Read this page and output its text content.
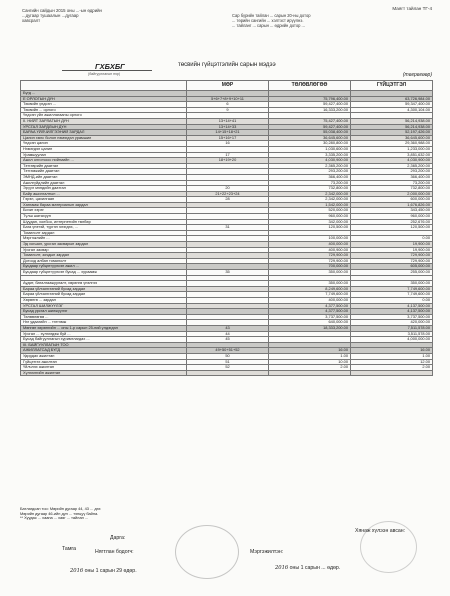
Сангийн сайдын 2015 оны ...-ын өдрийн
...дугаар тушаалын ...дугаар
хавсралт
Маягт тайлан ТГ-4
Сар бүрийн тайлан ... сарын 20-ны дотор
... төрийн сангийн ... хэлтэст ирүүлнэ.
... тайланг ... сарын ... өдрийн дотор ...
ГХБХБГ
(байгууллагын нэр)
төсвийн гүйцэтгэлийн сарын мэдээ
(төгрөгөөр)
	МӨР	ТӨЛӨВЛӨГӨӨ	ГҮЙЦЭТГЭЛ
Бүгд ...			
Е ОРЛОГЫН ДҮН	5+6+7+8+9+10+11	75,796,400.00	63,726,984.00
Төсвийн үндсэн ...	6	59,427,400.00	59,347,400.00
Төсвийн ... орлого	9	16,333,200.00	4,300,104.00
Үндсэн үйл ажиллагааны орлого			
II. НИЙТ ЗАРЛАГЫН ДҮН	13+14+41	75,427,400.00	56,214,938.00
УРСГАЛ ЗАРДЛЫН ДҮН	13+14+33	59,427,400.00	56,214,938.00
БАРАА ҮЙЛЧИЛГЭЭНИЙ ЗАРДАЛ	14+15+18+21	55,038,400.00	52,197,426.00
Цалин хөлс болон нэмэгдэл урамшил	15+16+17	36,645,600.00	36,645,600.00
Үндсэн цалин	16	30,280,800.00	29,360,988.00
Нэмэгдэл цалин		1,030,600.00	1,233,000.00
Урамшуулал	17	3,335,200.00	3,851,632.00
Ажил олгогчоос нийгмийн ...	18+19+20	4,030,900.00	4,030,900.00
Тэтгэврийн даатгал		2,365,200.00	2,365,200.00
Тэтгэмжийн даатгал		293,200.00	293,200.00
ЭМНД-ийн даатгал		366,400.00	366,400.00
Ажилгүйдлийн даатгал		73,200.00	73,200.00
Эрүүл мэндийн даатгал	20	732,800.00	732,800.00
Байр ашиглалтын ...	21+22+23+24	2,342,000.00	2,000,000.00
Гэрэл, цахилгаан	28	2,342,000.00	600,000.00
Хангамж бараа материалын зардал		1,542,000.00	1,676,826.00
Бичиг хэрэг		520,000.00	343,450.00
Түлш шатахуун		960,000.00	960,000.00
Шуудан, холбоо, интернетийн төлбөр		342,000.00	252,676.00
Бага үнэтэй, түргэн элэгдэх, ...	31	120,500.00	120,500.00
Томилолт зардал			
Мэргэжлийн ...		100,000.00	0.00
Эд хогшил, урсгал засварын зардал		400,000.00	19,900.00
Урсгал засвар		400,900.00	19,900.00
Томилолт, зочдын зардал		729,900.00	729,900.00
Дотоод албан томилолт		729,900.00	729,900.00
Бусдаар гүйцэтгүүлсэн ажил ...		700,000.00	605,000.00
Бусдаар гүйцэтгүүлсэн бусад ... хураамж	35	350,000.00	255,000.00

Аудит, баталгаажуулалт, хөрөнгө үнэлгээ		350,000.00	350,000.00
Бараа үйлчилгээний бусад зардал		8,249,600.00	7,749,600.00
Бараа үйлчилгээний бусад зардал		7,749,600.00	7,749,600.00
Хөрөнгө ... зардал		400,000.00	0.00
УРСГАЛ ШИЛЖҮҮЛЭГ		4,377,500.00	4,137,500.00
Бусад урсгал шилжүүлэг		4,377,500.00	4,137,500.00
Төлөвлөгөө ...		3,737,500.00	3,737,500.00
Нэг удаагийн ... тэтгэмж		640,000.00	420,000.00
Мөнгөн хөрөнгийн ... оны 1-р сарын 25-ний үлдэгдэл	43	18,333,200.00	7,511,578.00
Урсгал ... хүлээгдэж буй ...	44		3,511,578.00
Бусад байгууллагын хуримтлагдах ...	45		4,000,000.00
III. БАЙГУУЛЛАГЫН ТОО			
АЖИЛЛАГСАД БҮГД	49+50+51+52	16.00	16.00
Удирдах ажилтан	50	1.00	1.00
Гүйцэтгэх ажилтан	51	10.00	12.00
Үйлчлэх ажилтан	52	2.00	2.00
Хүлээлгийн ажилтан			
Батлагдсан тоо: Мөрийн дугаар 44, 43 ... дэх
Мөрийн дугаар 46-ийн дүн ... тэнцүү байна.
** Хуудас ... хаана ... хаяг ... тайлан ...
Дарга:
Тамга	Нягтлан бодогч:
Хянаж хүлээн авсан:
Мэргэжилтэн:
2016 оны 1 сарын 29 өдөр.	2016 оны 1 сарын ... өдөр.
